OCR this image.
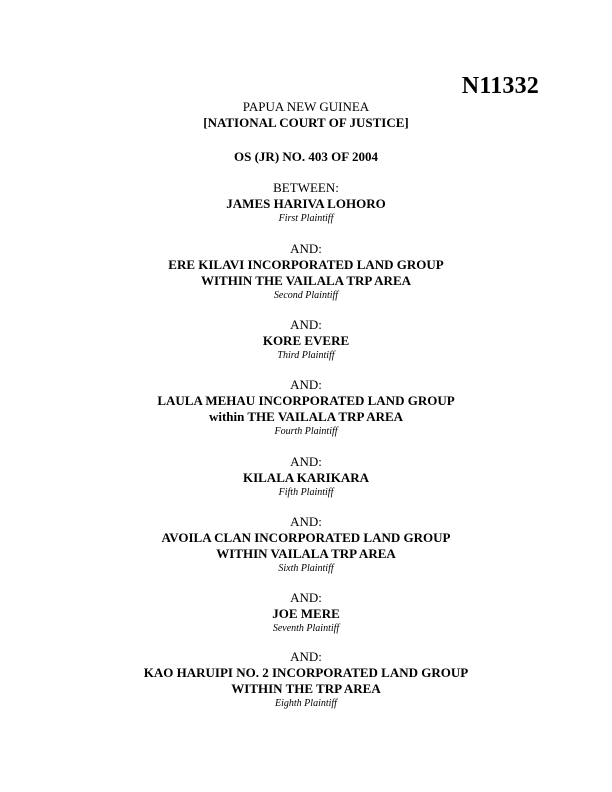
N11332
PAPUA NEW GUINEA
[NATIONAL COURT OF JUSTICE]
OS (JR) NO. 403 OF 2004
BETWEEN:
JAMES HARIVA LOHORO
First Plaintiff
AND:
ERE KILAVI INCORPORATED LAND GROUP
WITHIN THE VAILALA TRP AREA
Second Plaintiff
AND:
KORE EVERE
Third Plaintiff
AND:
LAULA MEHAU INCORPORATED LAND GROUP
within THE VAILALA TRP AREA
Fourth Plaintiff
AND:
KILALA KARIKARA
Fifth Plaintiff
AND:
AVOILA CLAN INCORPORATED LAND GROUP
WITHIN VAILALA TRP AREA
Sixth Plaintiff
AND:
JOE MERE
Seventh Plaintiff
AND:
KAO HARUIPI NO. 2 INCORPORATED LAND GROUP
WITHIN THE TRP AREA
Eighth Plaintiff
